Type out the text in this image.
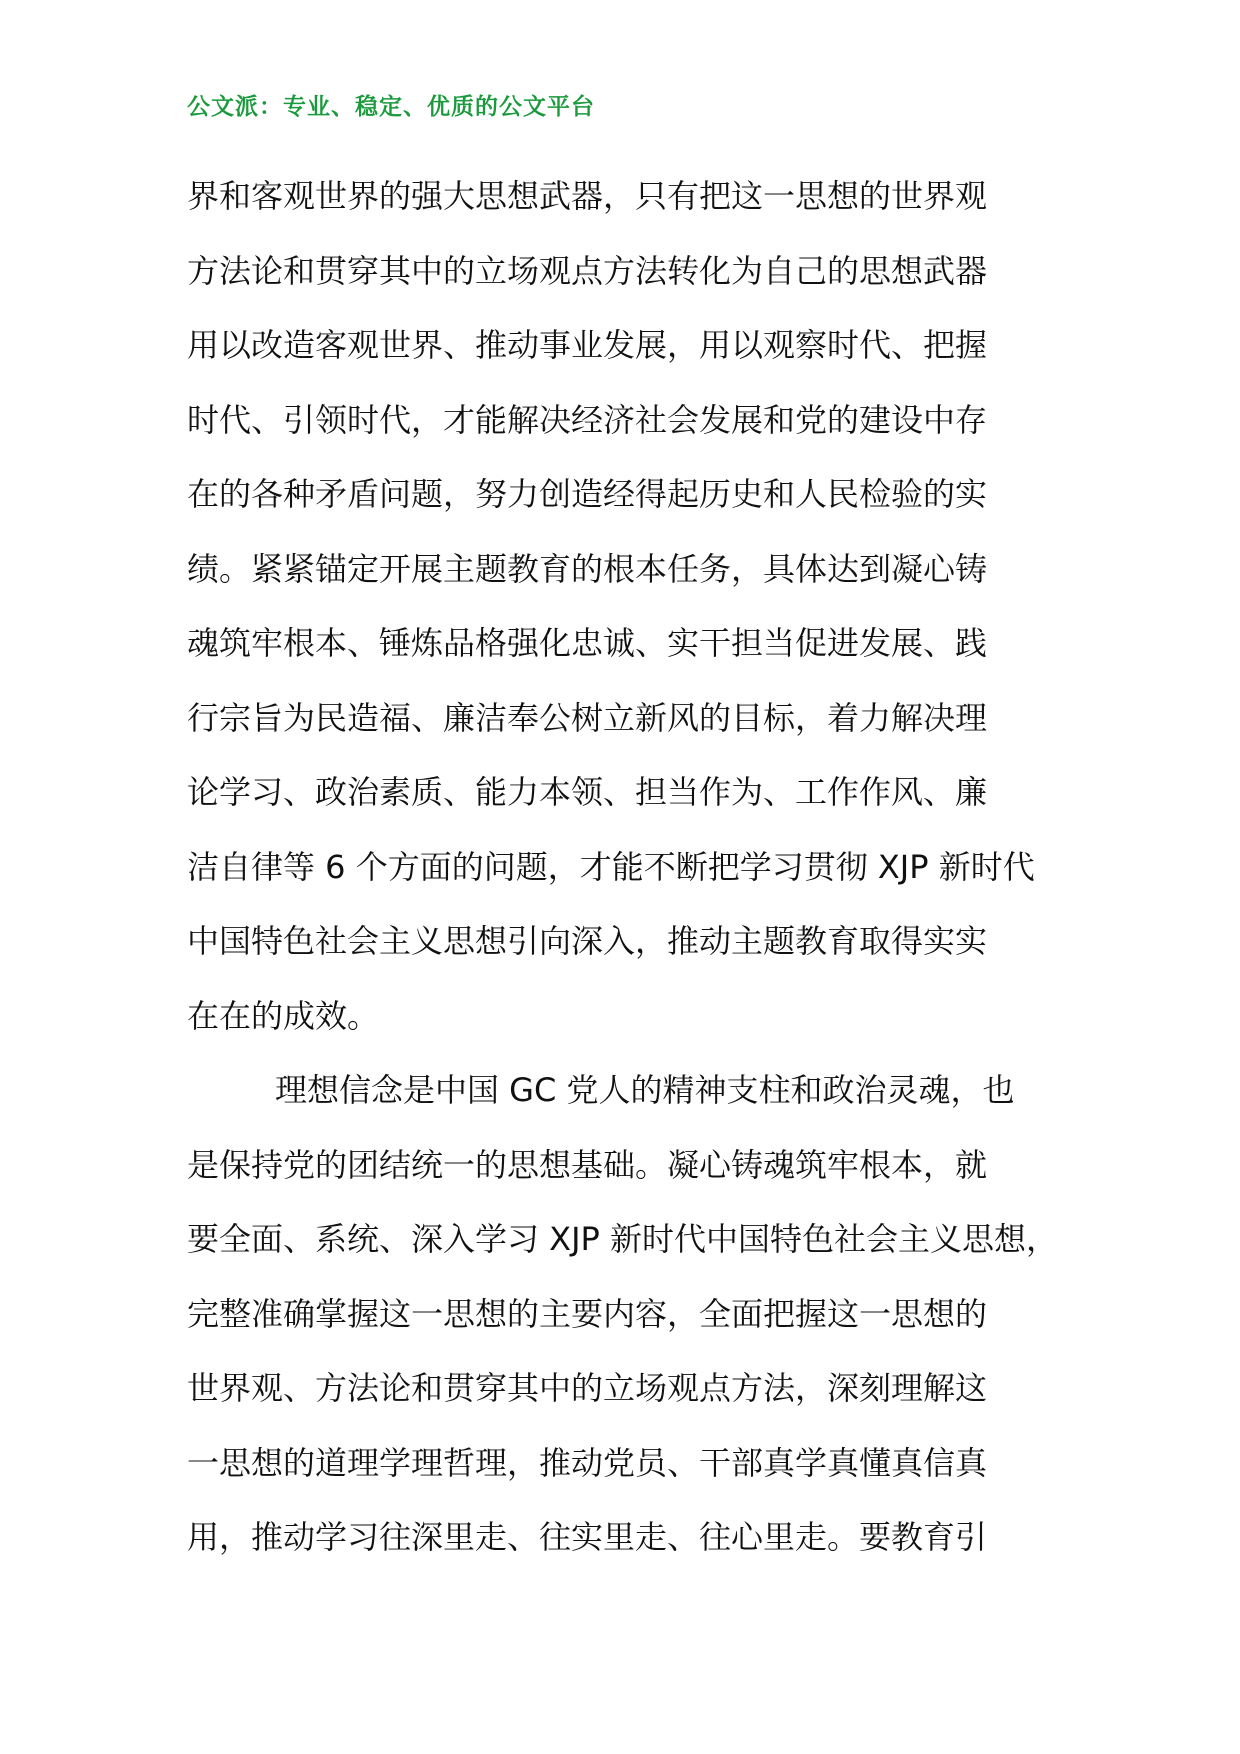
公文派：专业、稳定、优质的公文平台
界和客观世界的强大思想武器，只有把这一思想的世界观
方法论和贯穿其中的立场观点方法转化为自己的思想武器
用以改造客观世界、推动事业发展，用以观察时代、把握
时代、引领时代，才能解决经济社会发展和党的建设中存
在的各种矛盾问题，努力创造经得起历史和人民检验的实
绩。紧紧锚定开展主题教育的根本任务，具体达到凝心铸
魂筑牢根本、锤炼品格强化忠诚、实干担当促进发展、践
行宗旨为民造福、廉洁奉公树立新风的目标，着力解决理
论学习、政治素质、能力本领、担当作为、工作作风、廉
洁自律等 6 个方面的问题，才能不断把学习贯彻 XJP 新时代
中国特色社会主义思想引向深入，推动主题教育取得实实
在在的成效。
理想信念是中国 GC 党人的精神支柱和政治灵魂，也
是保持党的团结统一的思想基础。凝心铸魂筑牢根本，就
要全面、系统、深入学习 XJP 新时代中国特色社会主义思想，
完整准确掌握这一思想的主要内容，全面把握这一思想的
世界观、方法论和贯穿其中的立场观点方法，深刻理解这
一思想的道理学理哲理，推动党员、干部真学真懂真信真
用，推动学习往深里走、往实里走、往心里走。要教育引
